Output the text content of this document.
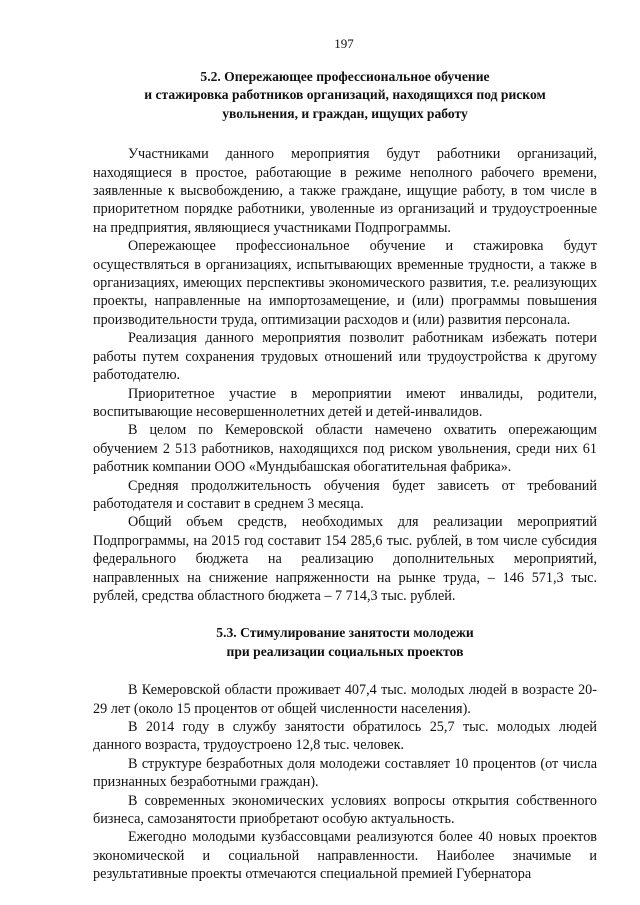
197
5.2. Опережающее профессиональное обучение
и стажировка работников организаций, находящихся под риском
увольнения, и граждан, ищущих работу

Участниками данного мероприятия будут работники организаций, находящиеся в простое, работающие в режиме неполного рабочего времени, заявленные к высвобождению, а также граждане, ищущие работу, в том числе в приоритетном порядке работники, уволенные из организаций и трудоустроенные на предприятия, являющиеся участниками Подпрограммы.

Опережающее профессиональное обучение и стажировка будут осуществляться в организациях, испытывающих временные трудности, а также в организациях, имеющих перспективы экономического развития, т.е. реализующих проекты, направленные на импортозамещение, и (или) программы повышения производительности труда, оптимизации расходов и (или) развития персонала.

Реализация данного мероприятия позволит работникам избежать потери работы путем сохранения трудовых отношений или трудоустройства к другому работодателю.

Приоритетное участие в мероприятии имеют инвалиды, родители, воспитывающие несовершеннолетних детей и детей-инвалидов.

В целом по Кемеровской области намечено охватить опережающим обучением 2 513 работников, находящихся под риском увольнения, среди них 61 работник компании ООО «Мундыбашская обогатительная фабрика».

Средняя продолжительность обучения будет зависеть от требований работодателя и составит в среднем 3 месяца.

Общий объем средств, необходимых для реализации мероприятий Подпрограммы, на 2015 год составит 154 285,6 тыс. рублей, в том числе субсидия федерального бюджета на реализацию дополнительных мероприятий, направленных на снижение напряженности на рынке труда, – 146 571,3 тыс. рублей, средства областного бюджета – 7 714,3 тыс. рублей.

5.3. Стимулирование занятости молодежи
при реализации социальных проектов

В Кемеровской области проживает 407,4 тыс. молодых людей в возрасте 20-29 лет (около 15 процентов от общей численности населения).

В 2014 году в службу занятости обратилось 25,7 тыс. молодых людей данного возраста, трудоустроено 12,8 тыс. человек.

В структуре безработных доля молодежи составляет 10 процентов (от числа признанных безработными граждан).

В современных экономических условиях вопросы открытия собственного бизнеса, самозанятости приобретают особую актуальность.

Ежегодно молодыми кузбассовцами реализуются более 40 новых проектов экономической и социальной направленности. Наиболее значимые и результативные проекты отмечаются специальной премией Губернатора
